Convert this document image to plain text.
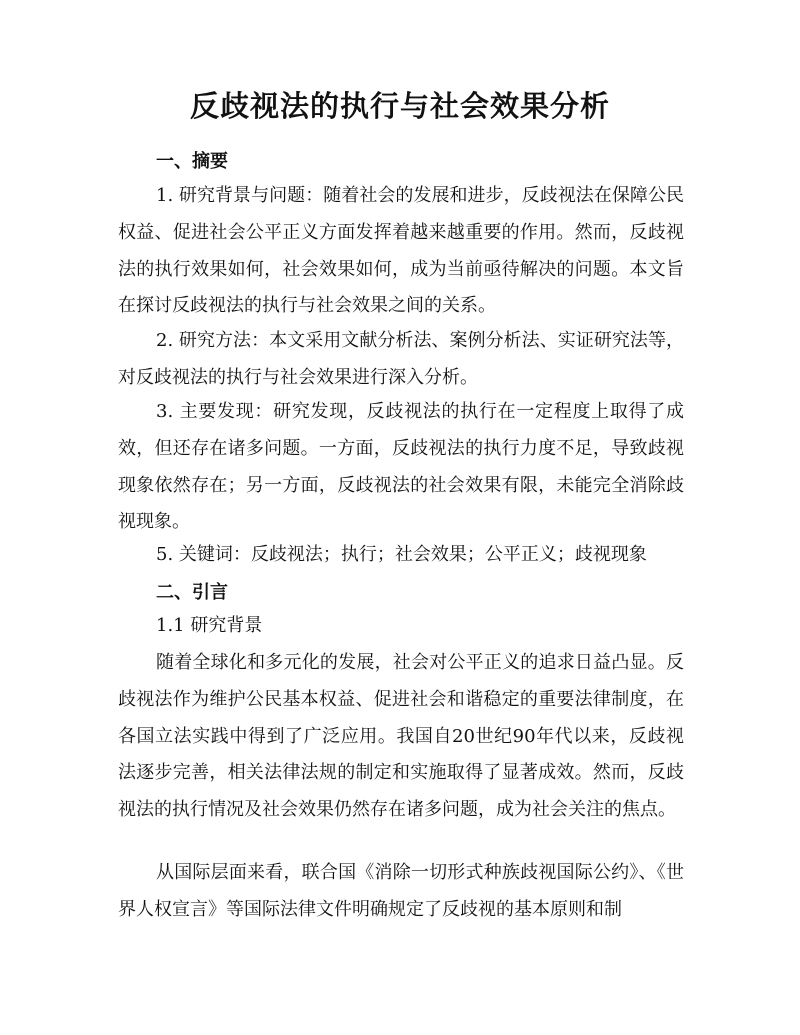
反歧视法的执行与社会效果分析
一、摘要

1. 研究背景与问题：随着社会的发展和进步，反歧视法在保障公民权益、促进社会公平正义方面发挥着越来越重要的作用。然而，反歧视法的执行效果如何，社会效果如何，成为当前亟待解决的问题。本文旨在探讨反歧视法的执行与社会效果之间的关系。

2. 研究方法：本文采用文献分析法、案例分析法、实证研究法等，对反歧视法的执行与社会效果进行深入分析。

3. 主要发现：研究发现，反歧视法的执行在一定程度上取得了成效，但还存在诸多问题。一方面，反歧视法的执行力度不足，导致歧视现象依然存在；另一方面，反歧视法的社会效果有限，未能完全消除歧视现象。

5. 关键词：反歧视法；执行；社会效果；公平正义；歧视现象

二、引言

1.1 研究背景

随着全球化和多元化的发展，社会对公平正义的追求日益凸显。反歧视法作为维护公民基本权益、促进社会和谐稳定的重要法律制度，在各国立法实践中得到了广泛应用。我国自20世纪90年代以来，反歧视法逐步完善，相关法律法规的制定和实施取得了显著成效。然而，反歧视法的执行情况及社会效果仍然存在诸多问题，成为社会关注的焦点。

从国际层面来看，联合国《消除一切形式种族歧视国际公约》、《世界人权宣言》等国际法律文件明确规定了反歧视的基本原则和制
